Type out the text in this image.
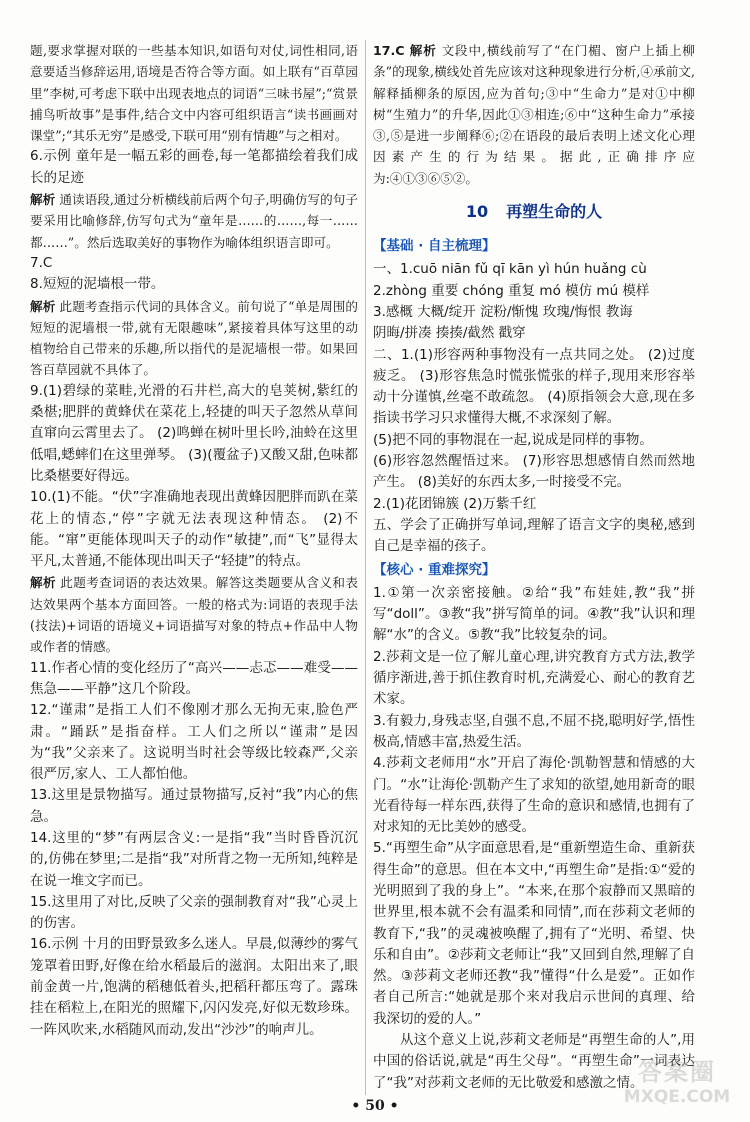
题,要求掌握对联的一些基本知识,如语句对仗,词性相同,语意要适当修辞运用,语境是否符合等方面。如上联有“百草园里”李树,可考虑下联中出现表地点的词语“三味书屋”;“赏景捕鸟听故事”是事件,结合文中内容可组织语言“读书画画对课堂”;“其乐无穷”是感受,下联可用“别有情趣”与之相对。

6.示例 童年是一幅五彩的画卷,每一笔都描绘着我们成长的足迹

解析 通读语段,通过分析横线前后两个句子,明确仿写的句子要采用比喻修辞,仿写句式为“童年是……的……,每一……都……”。然后选取美好的事物作为喻体组织语言即可。

7.C

8.短短的泥墙根一带。

解析 此题考查指示代词的具体含义。前句说了“单是周围的短短的泥墙根一带,就有无限趣味”,紧接着具体写这里的动植物给自己带来的乐趣,所以指代的是泥墙根一带。如果回答百草园就不具体了。

9.(1)碧绿的菜畦,光滑的石井栏,高大的皂荚树,紫红的桑椹;肥胖的黄蜂伏在菜花上,轻捷的叫天子忽然从草间直窜向云霄里去了。 (2)鸣蝉在树叶里长吟,油蛉在这里低唱,蟋蟀们在这里弹琴。 (3)(覆盆子)又酸又甜,色味都比桑椹要好得远。

10.(1)不能。“伏”字准确地表现出黄蜂因肥胖而趴在菜花上的情态,“停”字就无法表现这种情态。 (2)不能。“窜”更能体现叫天子的动作“敏捷”,而“飞”显得太平凡,太普通,不能体现出叫天子“轻捷”的特点。

解析 此题考查词语的表达效果。解答这类题要从含义和表达效果两个基本方面回答。一般的格式为:词语的表现手法(技法)+词语的语境义+词语描写对象的特点+作品中人物或作者的情感。

11.作者心情的变化经历了“高兴——忐忑——难受——焦急——平静”这几个阶段。

12.“谨肃”是指工人们不像刚才那么无拘无束,脸色严肃。“踊跃”是指奋样。工人们之所以“谨肃”是因为“我”父亲来了。这说明当时社会等级比较森严,父亲很严厉,家人、工人都怕他。

13.这里是景物描写。通过景物描写,反衬“我”内心的焦急。

14.这里的“梦”有两层含义:一是指“我”当时昏昏沉沉的,仿佛在梦里;二是指“我”对所背之物一无所知,纯粹是在说一堆文字而已。

15.这里用了对比,反映了父亲的强制教育对“我”心灵上的伤害。

16.示例 十月的田野景致多么迷人。早晨,似薄纱的雾气笼罩着田野,好像在给水稻最后的滋润。太阳出来了,眼前金黄一片,饱满的稻穗低着头,把稻秆都压弯了。露珠挂在稻粒上,在阳光的照耀下,闪闪发亮,好似无数珍珠。一阵风吹来,水稻随风而动,发出“沙沙”的响声儿。

17.C 解析 文段中,横线前写了“在门楣、窗户上插上柳条”的现象,横线处首先应该对这种现象进行分析,④承前文,解释插柳条的原因,应为首句;③中“生命力”是对①中柳树“生殖力”的升华,因此①③相连;⑥中“这种生命力”承接③,⑤是进一步阐释⑥;②在语段的最后表明上述文化心理因素产生的行为结果。据此,正确排序应为:④①③⑥⑤②。

10 再塑生命的人
【基础 · 自主梳理】

一、1.cuō niān fǔ qī kān yì hún huǎng cù

2.zhòng 重要 chóng 重复 mó 模仿 mú 模样

3.感概 大概/绽开 淀粉/惭愧 玫瑰/悔恨 教诲
阴晦/拼凑 揍揍/截然 戳穿

二、1.(1)形容两种事物没有一点共同之处。 (2)过度疲乏。 (3)形容焦急时慌张慌张的样子,现用来形容举动十分谨慎,丝毫不敢疏忽。 (4)原指领会大意,现在多指读书学习只求懂得大概,不求深刻了解。
(5)把不同的事物混在一起,说成是同样的事物。
(6)形容忽然醒悟过来。 (7)形容思想感情自然而然地产生。 (8)美好的东西太多,一时接受不完。

2.(1)花团锦簇 (2)万紫千红

五、学会了正确拼写单词,理解了语言文字的奥秘,感到自己是幸福的孩子。

【核心 · 重难探究】

1.①第一次亲密接触。②给“我”布娃娃,教“我”拼写“doll”。③教“我”拼写简单的词。④教“我”认识和理解“水”的含义。⑤教“我”比较复杂的词。

2.莎莉文是一位了解儿童心理,讲究教育方式方法,教学循序渐进,善于抓住教育时机,充满爱心、耐心的教育艺术家。

3.有毅力,身残志坚,自强不息,不屈不挠,聪明好学,悟性极高,情感丰富,热爱生活。

4.莎莉文老师用“水”开启了海伦·凯勒智慧和情感的大门。“水”让海伦·凯勒产生了求知的欲望,她用新奇的眼光看待每一样东西,获得了生命的意识和感情,也拥有了对求知的无比美妙的感受。

5.“再塑生命”从字面意思看,是“重新塑造生命、重新获得生命”的意思。但在本文中,“再塑生命”是指:①“爱的光明照到了我的身上”。“本来,在那个寂静而又黑暗的世界里,根本就不会有温柔和同情”,而在莎莉文老师的教育下,“我”的灵魂被唤醒了,拥有了“光明、希望、快乐和自由”。②莎莉文老师让“我”又回到自然,理解了自然。③莎莉文老师还教“我”懂得“什么是爱”。正如作者自己所言:“她就是那个来对我启示世间的真理、给我深切的爱的人。”

从这个意义上说,莎莉文老师是“再塑生命的人”,用中国的俗话说,就是“再生父母”。“再塑生命”一词表达了“我”对莎莉文老师的无比敬爱和感激之情。

• 50 •
答案圈
MXQE.COM
